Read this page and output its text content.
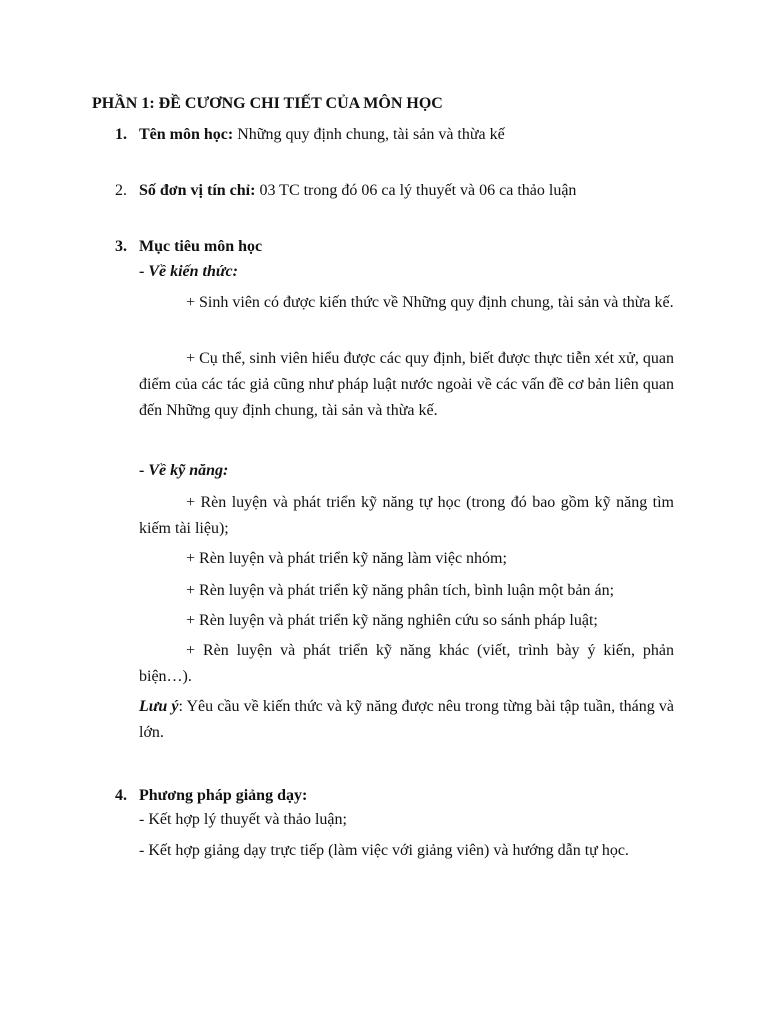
PHẦN 1: ĐỀ CƯƠNG CHI TIẾT CỦA MÔN HỌC
1. Tên môn học: Những quy định chung, tài sản và thừa kế
2. Số đơn vị tín chỉ: 03 TC trong đó 06 ca lý thuyết và 06 ca thảo luận
3. Mục tiêu môn học
- Về kiến thức:
+ Sinh viên có được kiến thức về Những quy định chung, tài sản và thừa kế.
+ Cụ thể, sinh viên hiểu được các quy định, biết được thực tiễn xét xử, quan điểm của các tác giả cũng như pháp luật nước ngoài về các vấn đề cơ bản liên quan đến Những quy định chung, tài sản và thừa kế.
- Về kỹ năng:
+ Rèn luyện và phát triển kỹ năng tự học (trong đó bao gồm kỹ năng tìm kiếm tài liệu);
+ Rèn luyện và phát triển kỹ năng làm việc nhóm;
+ Rèn luyện và phát triển kỹ năng phân tích, bình luận một bản án;
+ Rèn luyện và phát triển kỹ năng nghiên cứu so sánh pháp luật;
+ Rèn luyện và phát triển kỹ năng khác (viết, trình bày ý kiến, phản biện…).
Lưu ý: Yêu cầu về kiến thức và kỹ năng được nêu trong từng bài tập tuần, tháng và lớn.
4. Phương pháp giảng dạy:
- Kết hợp lý thuyết và thảo luận;
- Kết hợp giảng dạy trực tiếp (làm việc với giảng viên) và hướng dẫn tự học.
